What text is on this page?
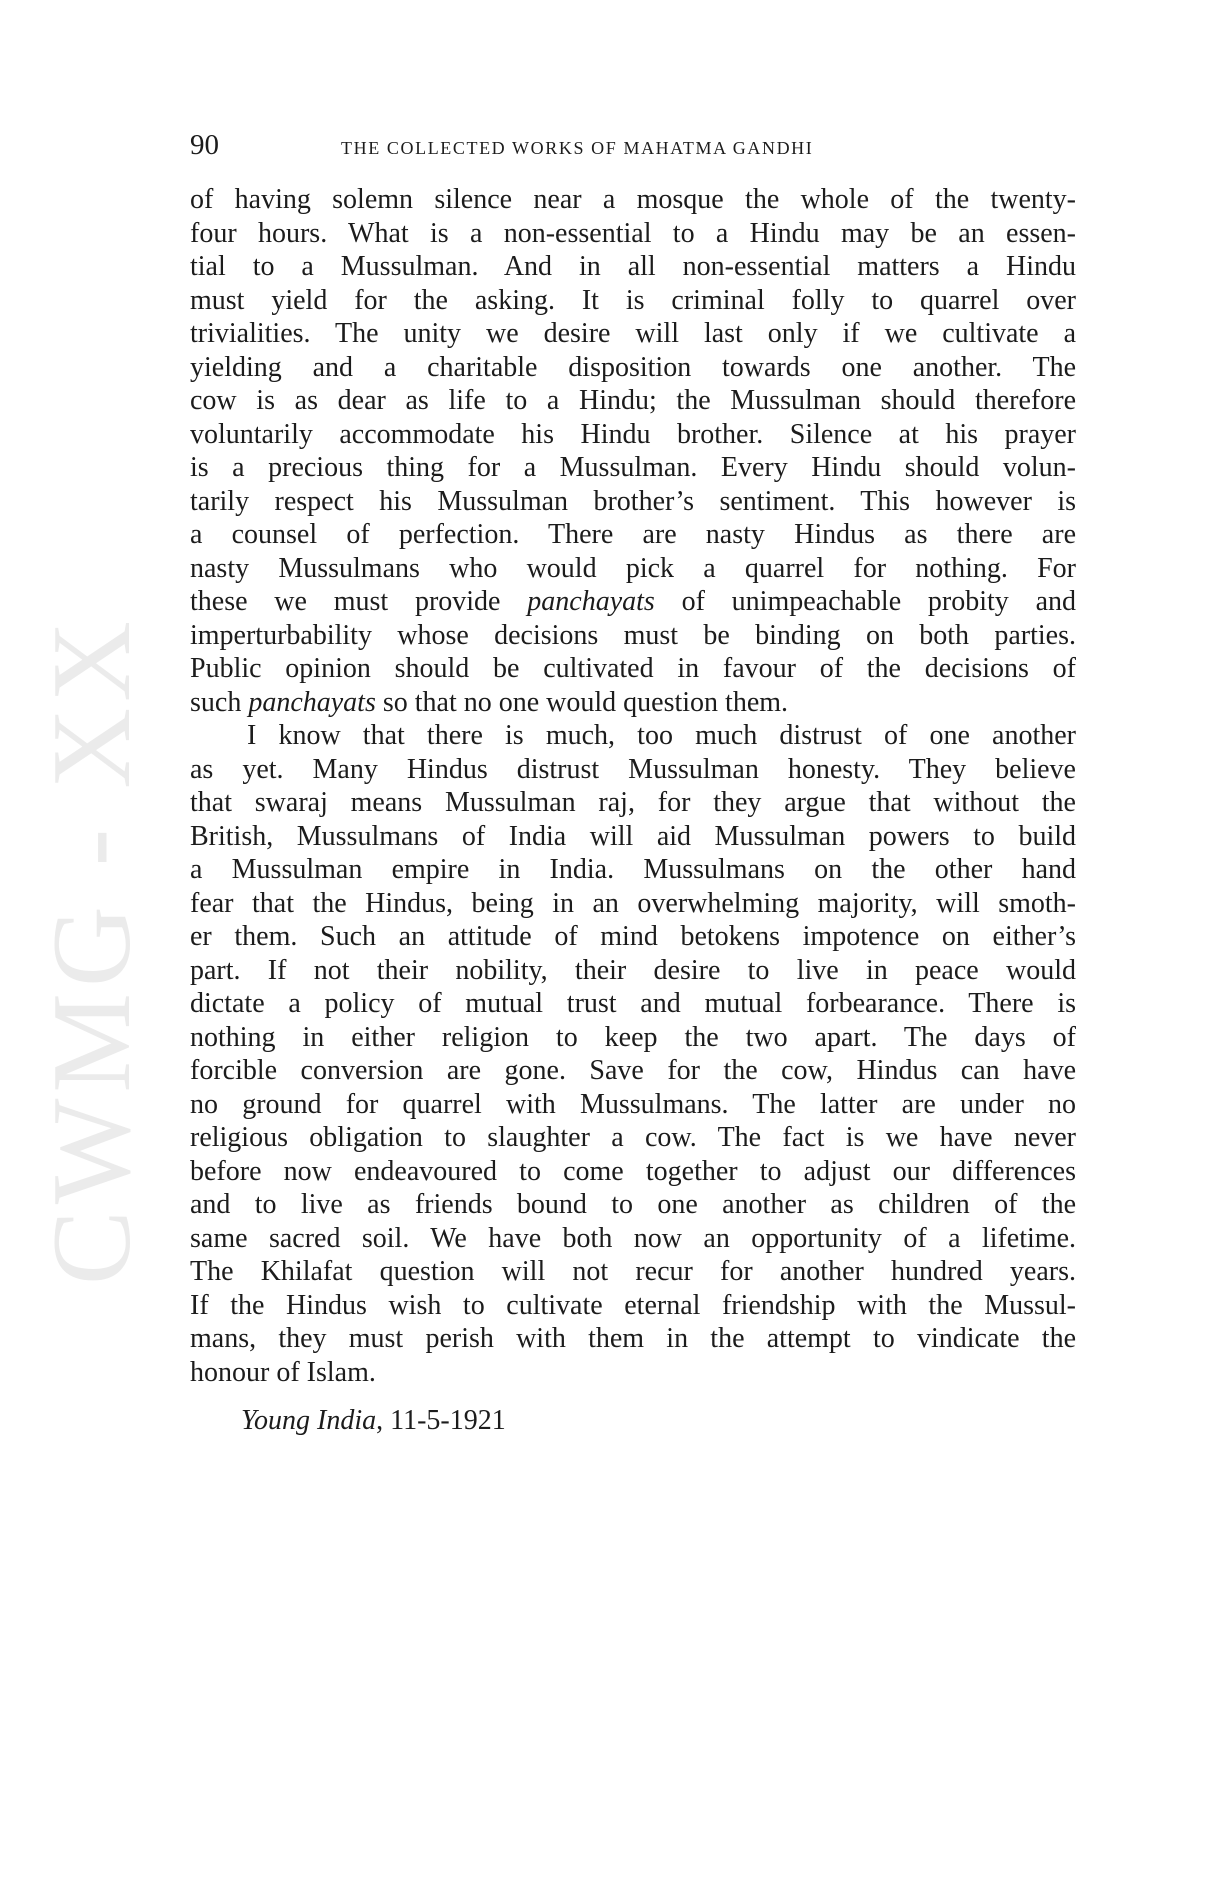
CWMG - XX
90	THE COLLECTED WORKS OF MAHATMA GANDHI
of having solemn silence near a mosque the whole of the twenty-
four hours. What is a non-essential to a Hindu may be an essen-
tial to a Mussulman. And in all non-essential matters a Hindu
must yield for the asking. It is criminal folly to quarrel over
trivialities. The unity we desire will last only if we cultivate a
yielding and a charitable disposition towards one another. The
cow is as dear as life to a Hindu; the Mussulman should therefore
voluntarily accommodate his Hindu brother. Silence at his prayer
is a precious thing for a Mussulman. Every Hindu should volun-
tarily respect his Mussulman brother’s sentiment. This however is
a counsel of perfection. There are nasty Hindus as there are
nasty Mussulmans who would pick a quarrel for nothing. For
these we must provide panchayats of unimpeachable probity and
imperturbability whose decisions must be binding on both parties.
Public opinion should be cultivated in favour of the decisions of
such panchayats so that no one would question them.
I know that there is much, too much distrust of one another
as yet. Many Hindus distrust Mussulman honesty. They believe
that swaraj means Mussulman raj, for they argue that without the
British, Mussulmans of India will aid Mussulman powers to build
a Mussulman empire in India. Mussulmans on the other hand
fear that the Hindus, being in an overwhelming majority, will smoth-
er them. Such an attitude of mind betokens impotence on either’s
part. If not their nobility, their desire to live in peace would
dictate a policy of mutual trust and mutual forbearance. There is
nothing in either religion to keep the two apart. The days of
forcible conversion are gone. Save for the cow, Hindus can have
no ground for quarrel with Mussulmans. The latter are under no
religious obligation to slaughter a cow. The fact is we have never
before now endeavoured to come together to adjust our differences
and to live as friends bound to one another as children of the
same sacred soil. We have both now an opportunity of a lifetime.
The Khilafat question will not recur for another hundred years.
If the Hindus wish to cultivate eternal friendship with the Mussul-
mans, they must perish with them in the attempt to vindicate the
honour of Islam.
Young India, 11-5-1921
